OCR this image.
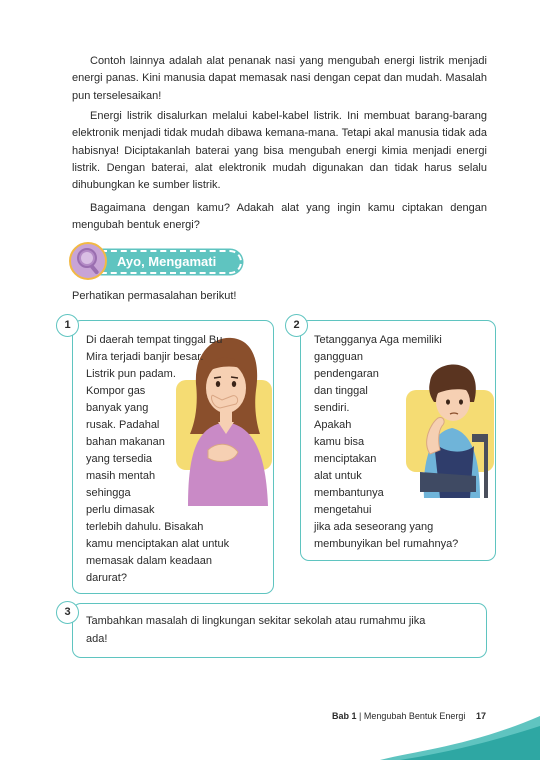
Contoh lainnya adalah alat penanak nasi yang mengubah energi listrik menjadi energi panas. Kini manusia dapat memasak nasi dengan cepat dan mudah. Masalah pun terselesaikan!

Energi listrik disalurkan melalui kabel-kabel listrik. Ini membuat barang-barang elektronik menjadi tidak mudah dibawa kemana-mana. Tetapi akal manusia tidak ada habisnya! Diciptakanlah baterai yang bisa mengubah energi kimia menjadi energi listrik. Dengan baterai, alat elektronik mudah digunakan dan tidak harus selalu dihubungkan ke sumber listrik.

Bagaimana dengan kamu? Adakah alat yang ingin kamu ciptakan dengan mengubah bentuk energi?

Ayo, Mengamati
Perhatikan permasalahan berikut!
1
Di daerah tempat tinggal Bu
Mira terjadi banjir besar.
Listrik pun padam.
Kompor gas
banyak yang
rusak. Padahal
bahan makanan
yang tersedia
masih mentah
sehingga
perlu dimasak
terlebih dahulu. Bisakah
kamu menciptakan alat untuk
memasak dalam keadaan
darurat?
2
Tetangganya Aga memiliki
gangguan
pendengaran
dan tinggal
sendiri.
Apakah
kamu bisa
menciptakan
alat untuk
membantunya
mengetahui
jika ada seseorang yang
membunyikan bel rumahnya?
3
Tambahkan masalah di lingkungan sekitar sekolah atau rumahmu jika
ada!
Bab 1 | Mengubah Bentuk Energi 17
